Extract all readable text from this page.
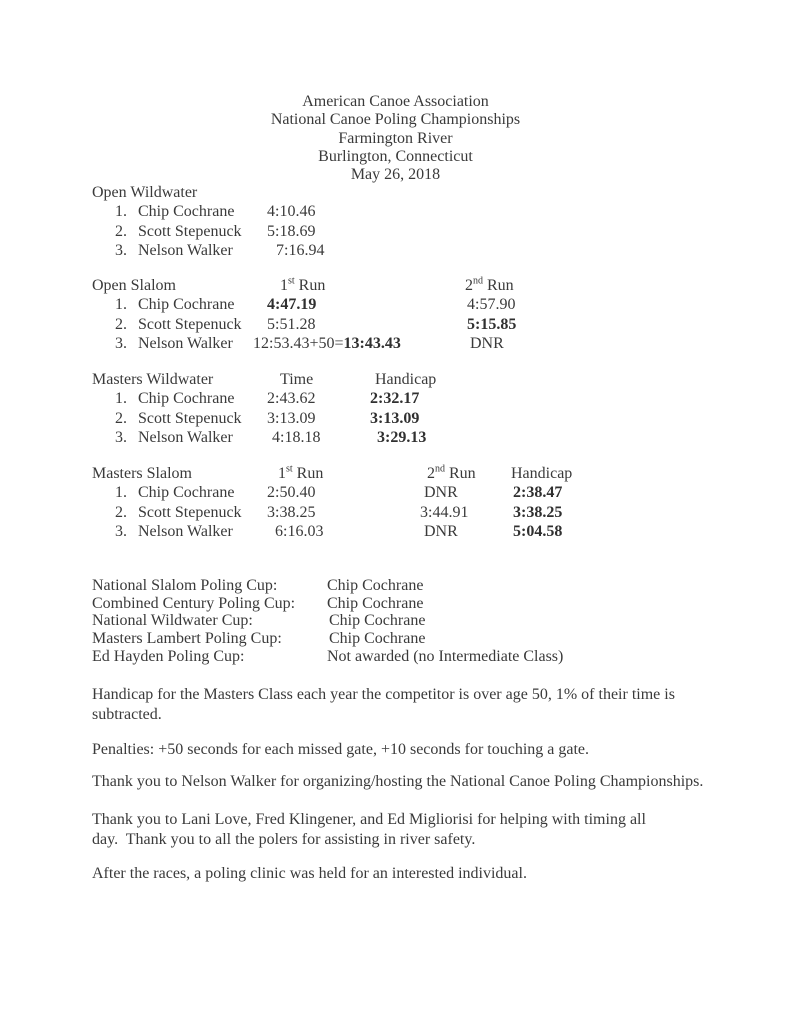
American Canoe Association
National Canoe Poling Championships
Farmington River
Burlington, Connecticut
May 26, 2018
Open Wildwater
1. Chip Cochrane 4:10.46
2. Scott Stepenuck 5:18.69
3. Nelson Walker	7:16.94
Open Slalom	1st Run	2nd Run
1. Chip Cochrane 4:47.19	4:57.90
2. Scott Stepenuck 5:51.28	5:15.85
3. Nelson Walker 12:53.43+50=13:43.43	DNR
Masters Wildwater	Time	Handicap
1. Chip Cochrane 2:43.62	2:32.17
2. Scott Stepenuck 3:13.09	3:13.09
3. Nelson Walker 4:18.18	3:29.13
Masters Slalom	1st Run	2nd Run Handicap
1. Chip Cochrane 2:50.40	DNR	2:38.47
2. Scott Stepenuck 3:38.25	3:44.91	3:38.25
3. Nelson Walker	6:16.03	DNR	5:04.58
National Slalom Poling Cup:	Chip Cochrane
Combined Century Poling Cup: Chip Cochrane
National Wildwater Cup:	Chip Cochrane
Masters Lambert Poling Cup:	Chip Cochrane
Ed Hayden Poling Cup:	Not awarded (no Intermediate Class)
Handicap for the Masters Class each year the competitor is over age 50, 1% of their time is
subtracted.
Penalties: +50 seconds for each missed gate, +10 seconds for touching a gate.
Thank you to Nelson Walker for organizing/hosting the National Canoe Poling Championships.
Thank you to Lani Love, Fred Klingener, and Ed Migliorisi for helping with timing all
day.  Thank you to all the polers for assisting in river safety.
After the races, a poling clinic was held for an interested individual.
